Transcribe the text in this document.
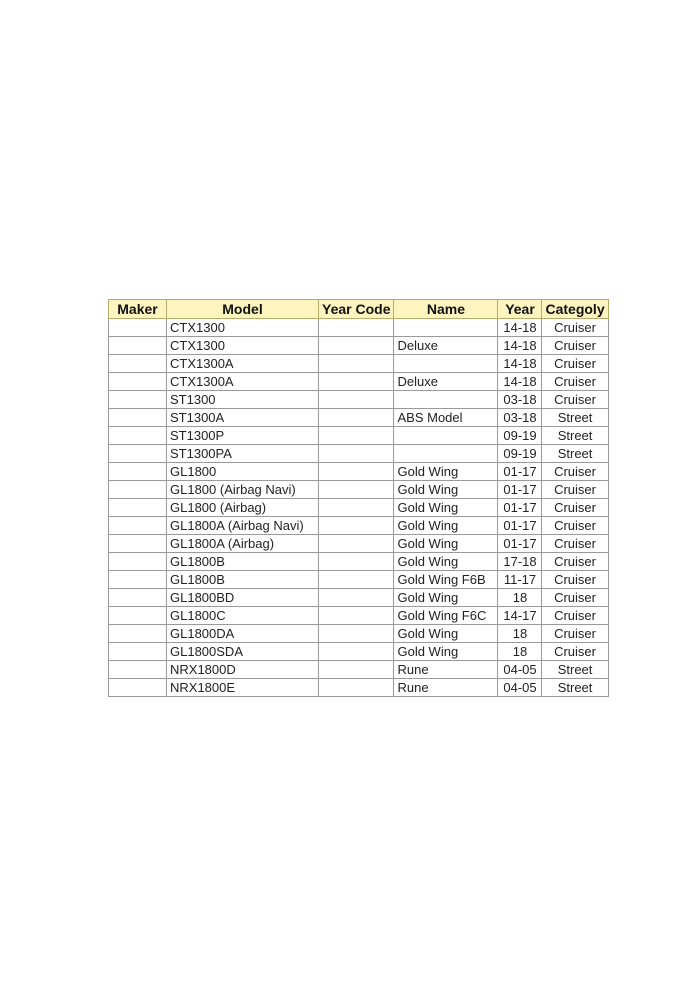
Maker	Model	Year Code	Name	Year	Categoly
	CTX1300			14-18	Cruiser
	CTX1300		Deluxe	14-18	Cruiser
	CTX1300A			14-18	Cruiser
	CTX1300A		Deluxe	14-18	Cruiser
	ST1300			03-18	Cruiser
	ST1300A		ABS Model	03-18	Street
	ST1300P			09-19	Street
	ST1300PA			09-19	Street
	GL1800		Gold Wing	01-17	Cruiser
	GL1800 (Airbag Navi)		Gold Wing	01-17	Cruiser
	GL1800 (Airbag)		Gold Wing	01-17	Cruiser
	GL1800A (Airbag Navi)		Gold Wing	01-17	Cruiser
	GL1800A (Airbag)		Gold Wing	01-17	Cruiser
	GL1800B		Gold Wing	17-18	Cruiser
	GL1800B		Gold Wing F6B	11-17	Cruiser
	GL1800BD		Gold Wing	18	Cruiser
	GL1800C		Gold Wing F6C	14-17	Cruiser
	GL1800DA		Gold Wing	18	Cruiser
	GL1800SDA		Gold Wing	18	Cruiser
	NRX1800D		Rune	04-05	Street
	NRX1800E		Rune	04-05	Street
